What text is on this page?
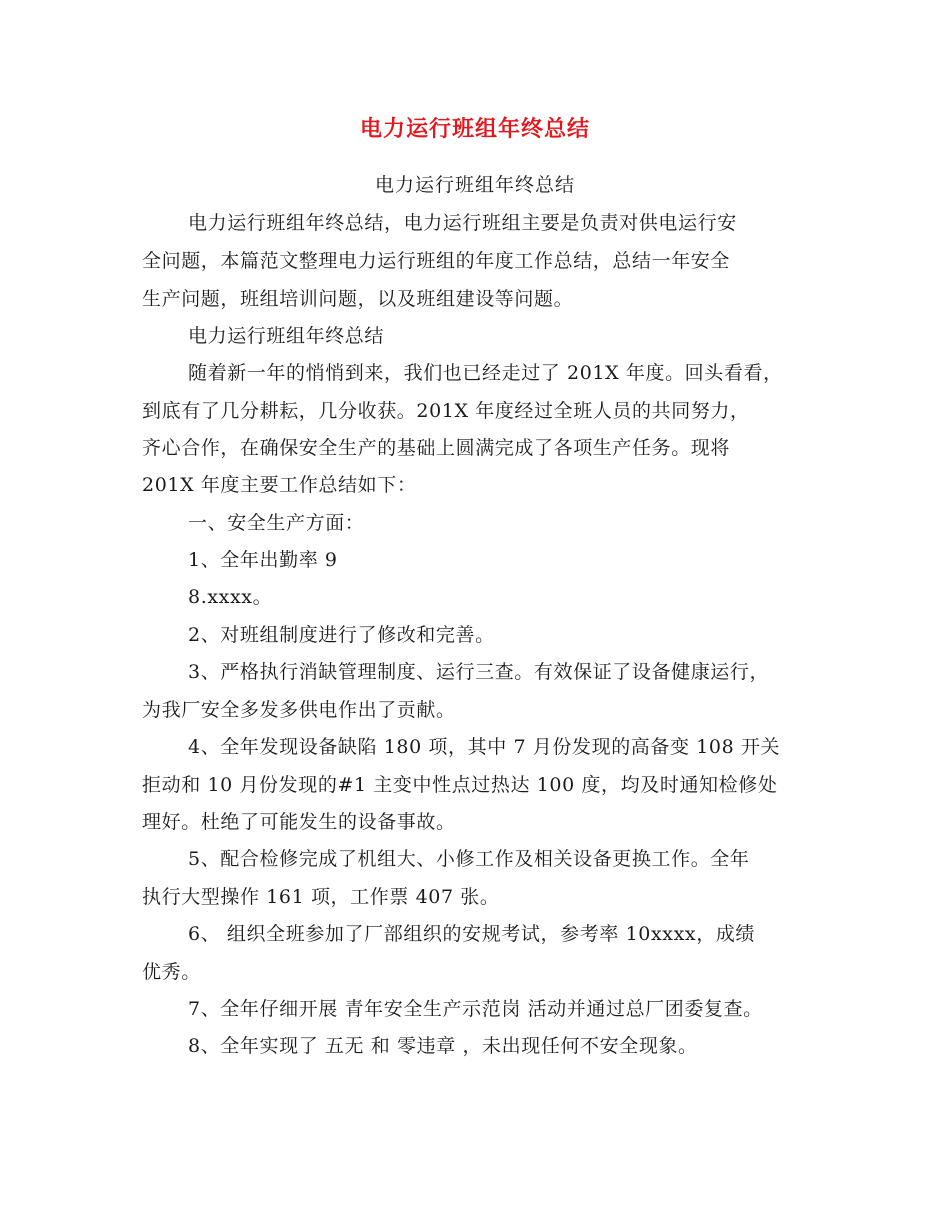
电力运行班组年终总结
电力运行班组年终总结
电力运行班组年终总结，电力运行班组主要是负责对供电运行安
全问题，本篇范文整理电力运行班组的年度工作总结，总结一年安全
生产问题，班组培训问题，以及班组建设等问题。
电力运行班组年终总结
随着新一年的悄悄到来，我们也已经走过了 201X 年度。回头看看，
到底有了几分耕耘，几分收获。201X 年度经过全班人员的共同努力，
齐心合作，在确保安全生产的基础上圆满完成了各项生产任务。现将
201X 年度主要工作总结如下：
一、安全生产方面：
1、全年出勤率 9
8.xxxx。
2、对班组制度进行了修改和完善。
3、严格执行消缺管理制度、运行三查。有效保证了设备健康运行，
为我厂安全多发多供电作出了贡献。
4、全年发现设备缺陷 180 项，其中 7 月份发现的高备变 108 开关
拒动和 10 月份发现的#1 主变中性点过热达 100 度，均及时通知检修处
理好。杜绝了可能发生的设备事故。
5、配合检修完成了机组大、小修工作及相关设备更换工作。全年
执行大型操作 161 项，工作票 407 张。
6、 组织全班参加了厂部组织的安规考试，参考率 10xxxx，成绩
优秀。
7、全年仔细开展 青年安全生产示范岗 活动并通过总厂团委复查。
8、全年实现了 五无 和 零违章 ，未出现任何不安全现象。
